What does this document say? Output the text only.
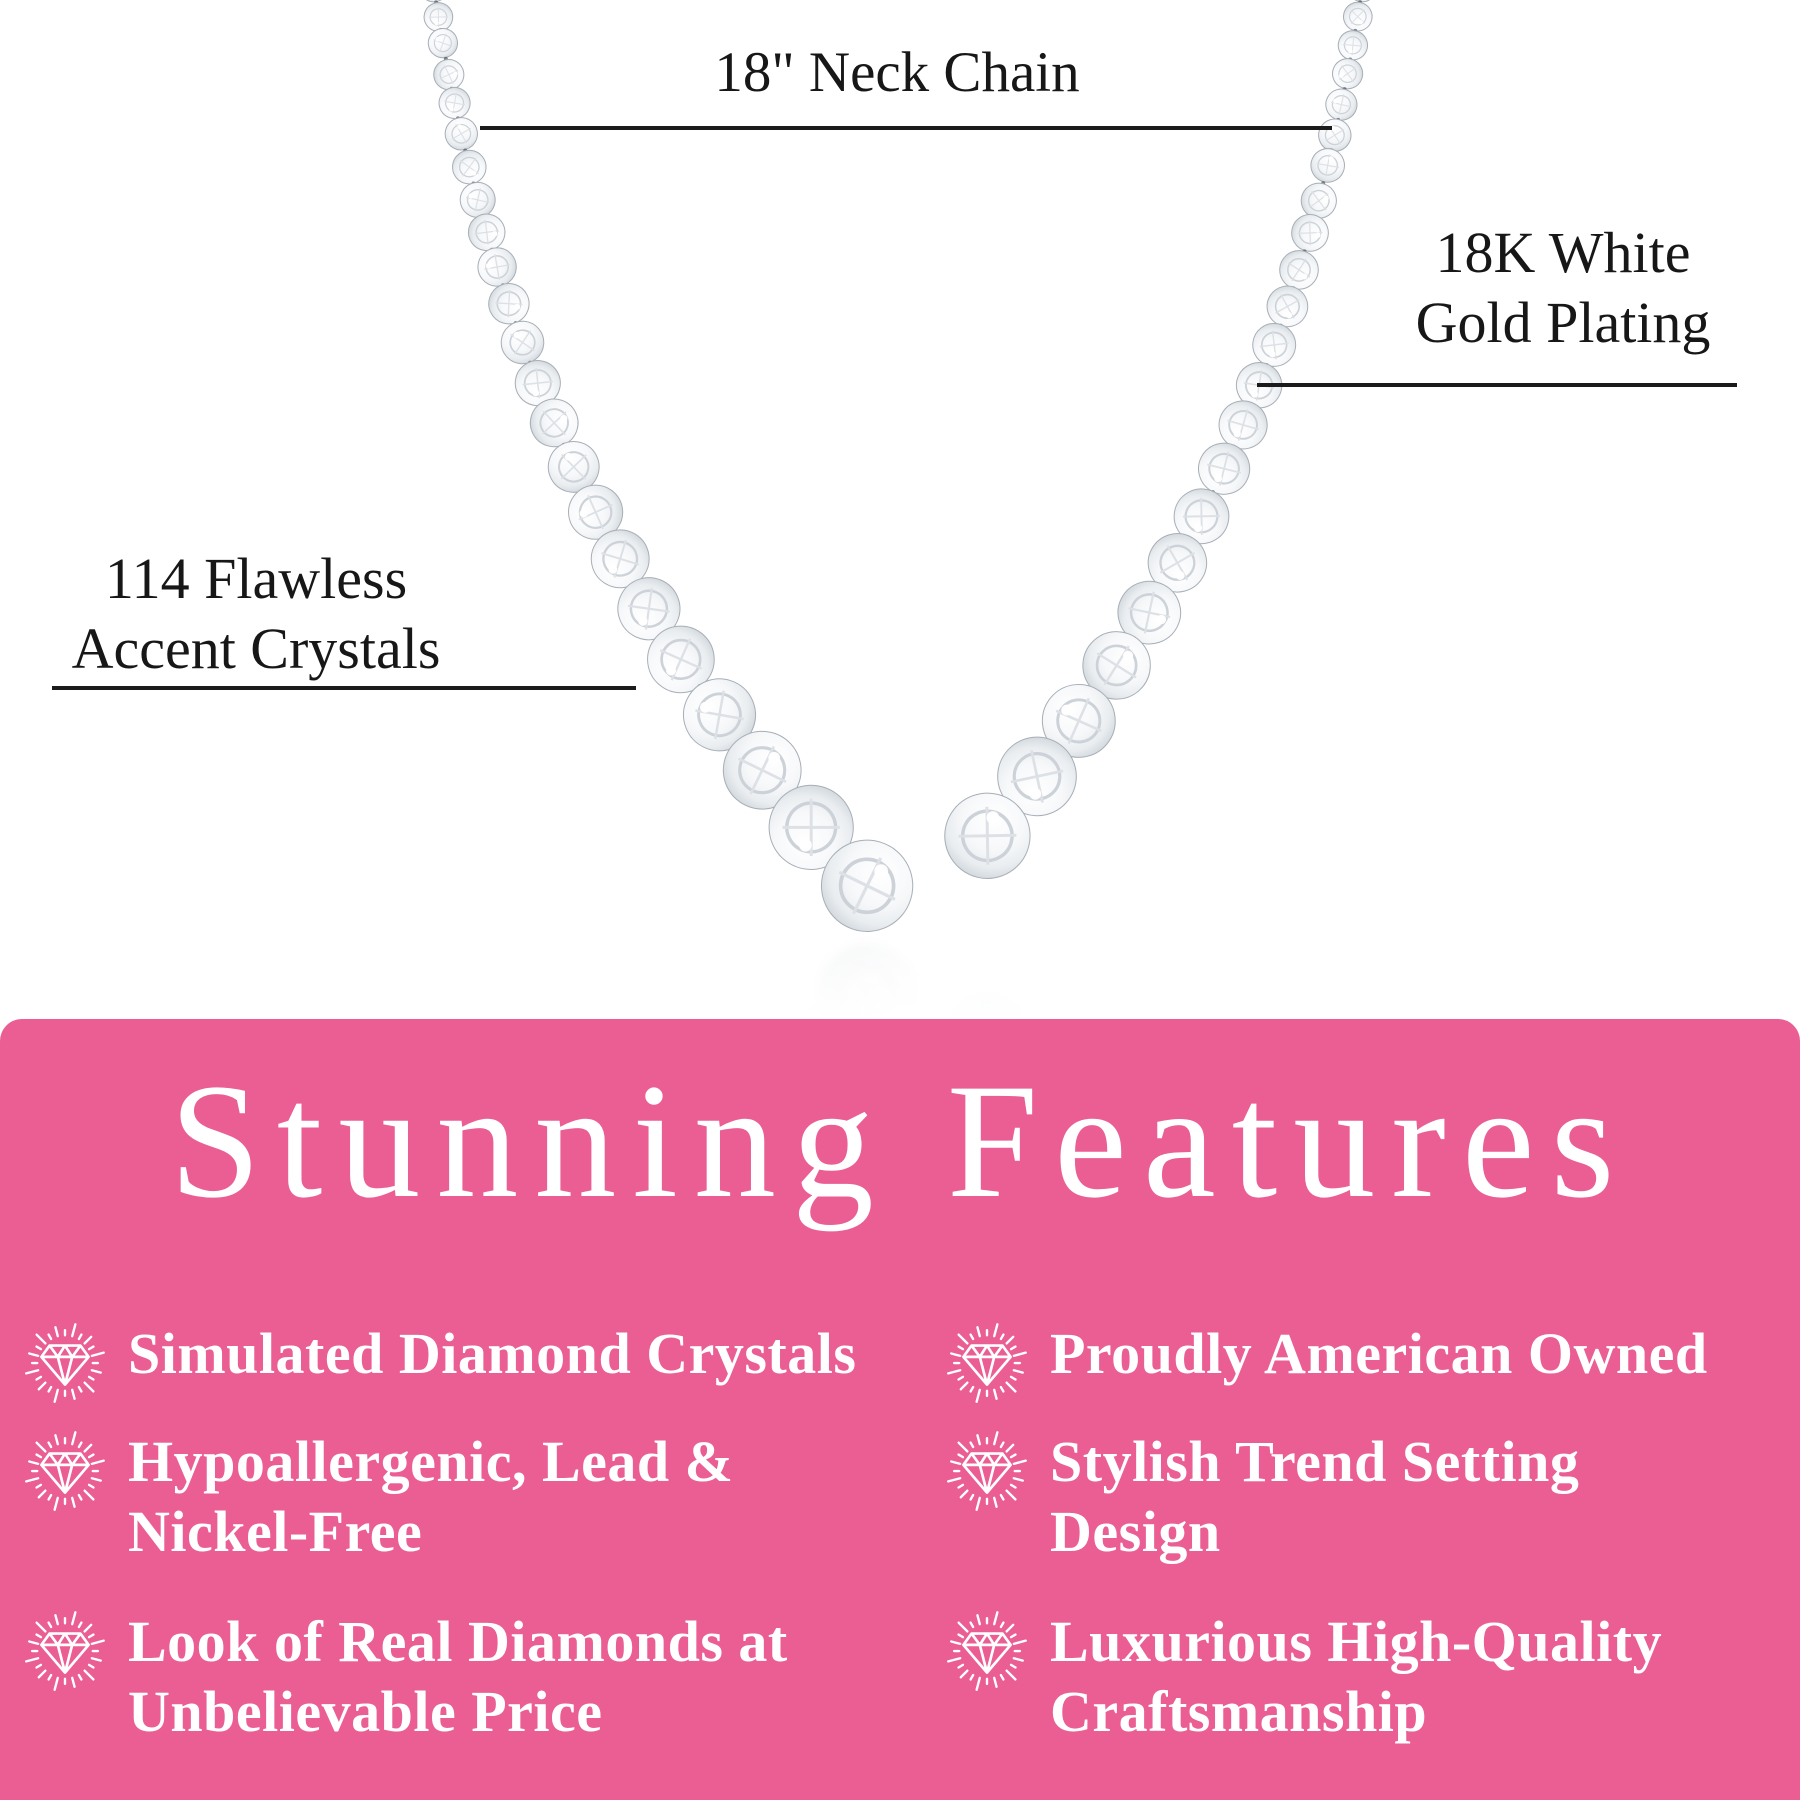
18" Neck Chain
18K White
Gold Plating
114 Flawless
Accent Crystals
Stunning Features
Simulated Diamond Crystals	Proudly American Owned
Hypoallergenic, Lead &
Nickel-Free
Stylish Trend Setting
Design
Look of Real Diamonds at
Unbelievable Price
Luxurious High-Quality
Craftsmanship
